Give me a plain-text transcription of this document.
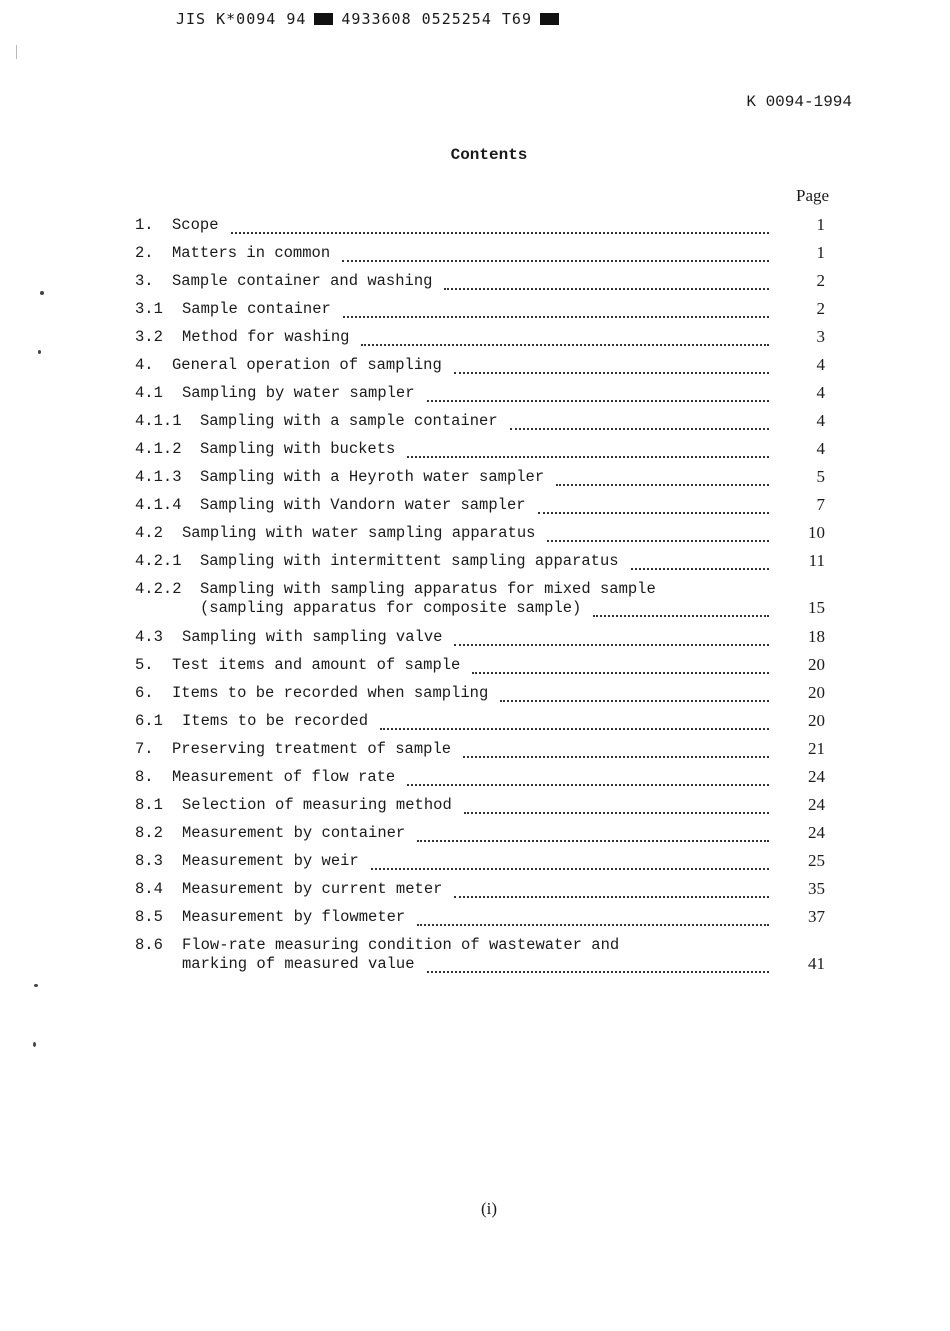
JIS K*0094 94 4933608 0525254 T69
K 0094-1994
Contents
Page
1. Scope	1
2. Matters in common	1
3. Sample container and washing	2
3.1 Sample container	2
3.2 Method for washing	3
4. General operation of sampling	4
4.1 Sampling by water sampler	4
4.1.1 Sampling with a sample container	4
4.1.2 Sampling with buckets	4
4.1.3 Sampling with a Heyroth water sampler	5
4.1.4 Sampling with Vandorn water sampler	7
4.2 Sampling with water sampling apparatus	10
4.2.1 Sampling with intermittent sampling apparatus	11
4.2.2 Sampling with sampling apparatus for mixed sample
(sampling apparatus for composite sample)	15
4.3 Sampling with sampling valve	18
5. Test items and amount of sample	20
6. Items to be recorded when sampling	20
6.1 Items to be recorded	20
7. Preserving treatment of sample	21
8. Measurement of flow rate	24
8.1 Selection of measuring method	24
8.2 Measurement by container	24
8.3 Measurement by weir	25
8.4 Measurement by current meter	35
8.5 Measurement by flowmeter	37
8.6 Flow-rate measuring condition of wastewater and
marking of measured value	41
(i)
